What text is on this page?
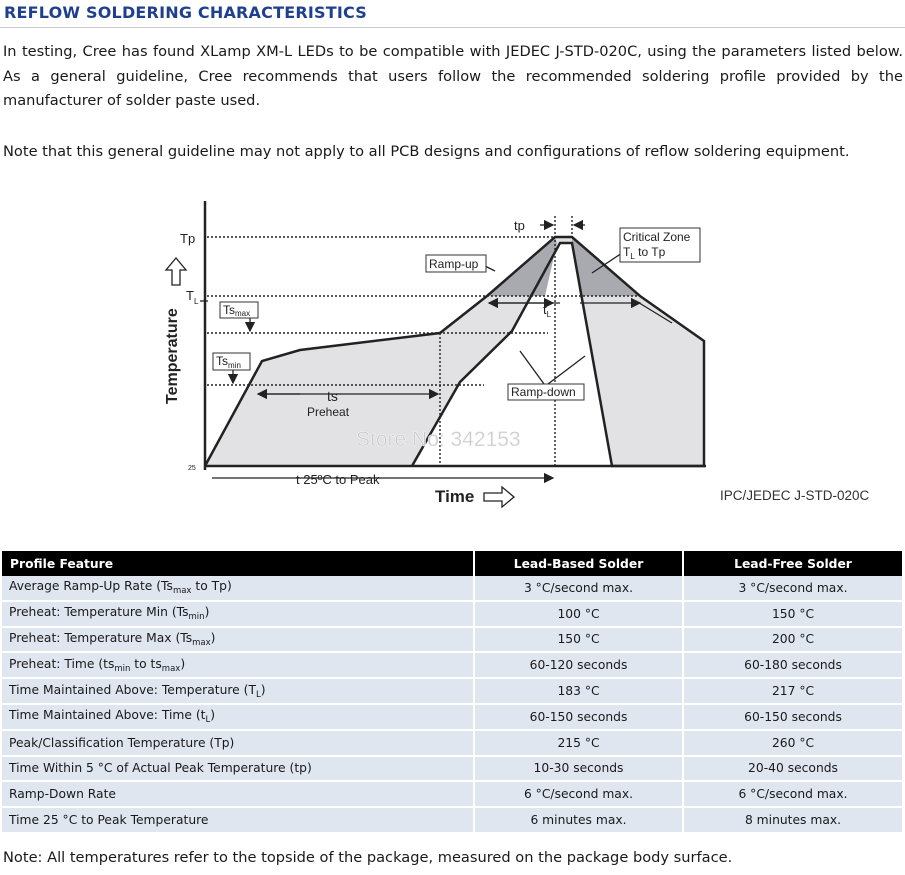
REFLOW SOLDERING CHARACTERISTICS
In testing, Cree has found XLamp XM-L LEDs to be compatible with JEDEC J-STD-020C, using the parameters listed below. As a general guideline, Cree recommends that users follow the recommended soldering profile provided by the manufacturer of solder paste used.
Note that this general guideline may not apply to all PCB designs and configurations of reflow soldering equipment.
Temperature
Time
Tp
$T_L$
25
tp
Tsmax
$Ts_{min}$
Ramp-up
Critical Zone
$T_L$ to Tp
$t_L$
Ramp-down
ts
Preheat
Store No: 342153
t 25ºC to Peak
IPC/JEDEC J-STD-020C
Profile Feature	Lead-Based Solder	Lead-Free Solder
Average Ramp-Up Rate ($Ts_{max}$ to Tp)	3 °C/second max.	3 °C/second max.
Preheat: Temperature Min $(Ts_{min})$	100 °C	150 °C
Preheat: Temperature Max $(Ts_{max})$	150 °C	200 °C
Preheat: Time ($ts_{min}$ to $ts_{max}$)	60-120 seconds	60-180 seconds
Time Maintained Above: Temperature $(T_L)$	183 °C	217 °C
Time Maintained Above: Time $(t_L)$	60-150 seconds	60-150 seconds
Peak/Classification Temperature (Tp)	215 °C	260 °C
Time Within 5 °C of Actual Peak Temperature (tp)	10-30 seconds	20-40 seconds
Ramp-Down Rate	6 °C/second max.	6 °C/second max.
Time 25 °C to Peak Temperature	6 minutes max.	8 minutes max.
Note: All temperatures refer to the topside of the package, measured on the package body surface.
